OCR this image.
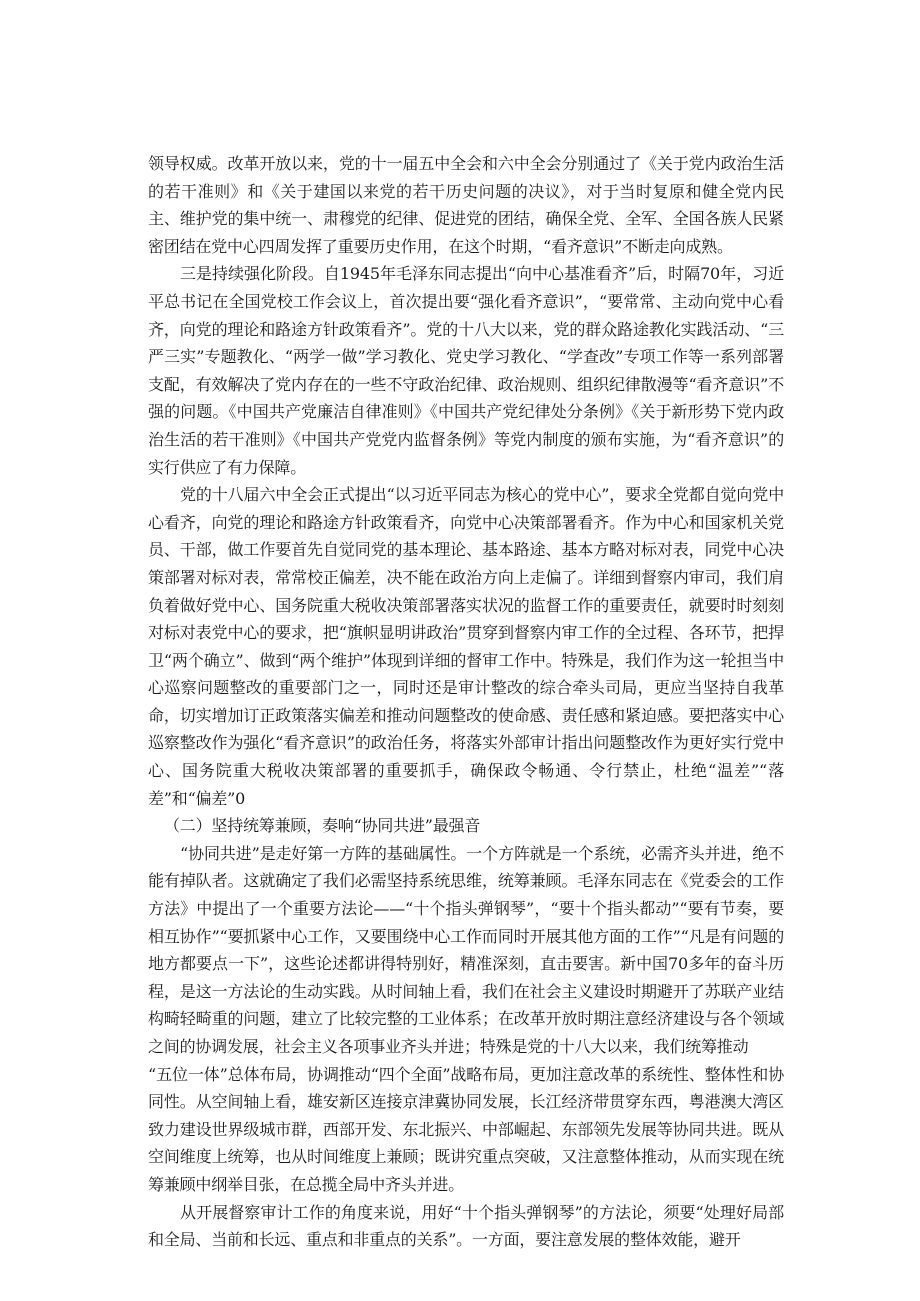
领导权威。改革开放以来，党的十一届五中全会和六中全会分别通过了《关于党内政治生活的若干准则》和《关于建国以来党的若干历史问题的决议》，对于当时复原和健全党内民主、维护党的集中统一、肃穆党的纪律、促进党的团结，确保全党、全军、全国各族人民紧密团结在党中心四周发挥了重要历史作用，在这个时期，“看齐意识”不断走向成熟。

三是持续强化阶段。自1945年毛泽东同志提出“向中心基准看齐”后，时隔70年，习近平总书记在全国党校工作会议上，首次提出要“强化看齐意识”，“要常常、主动向党中心看齐，向党的理论和路途方针政策看齐”。党的十八大以来，党的群众路途教化实践活动、“三严三实”专题教化、“两学一做”学习教化、党史学习教化、“学查改”专项工作等一系列部署支配，有效解决了党内存在的一些不守政治纪律、政治规则、组织纪律散漫等“看齐意识”不强的问题。《中国共产党廉洁自律准则》《中国共产党纪律处分条例》《关于新形势下党内政治生活的若干准则》《中国共产党党内监督条例》等党内制度的颁布实施，为“看齐意识”的实行供应了有力保障。

党的十八届六中全会正式提出“以习近平同志为核心的党中心”，要求全党都自觉向党中心看齐，向党的理论和路途方针政策看齐，向党中心决策部署看齐。作为中心和国家机关党员、干部，做工作要首先自觉同党的基本理论、基本路途、基本方略对标对表，同党中心决策部署对标对表，常常校正偏差，决不能在政治方向上走偏了。详细到督察内审司，我们肩负着做好党中心、国务院重大税收决策部署落实状况的监督工作的重要责任，就要时时刻刻对标对表党中心的要求，把“旗帜显明讲政治”贯穿到督察内审工作的全过程、各环节，把捍卫“两个确立”、做到“两个维护”体现到详细的督审工作中。特殊是，我们作为这一轮担当中心巡察问题整改的重要部门之一，同时还是审计整改的综合牵头司局，更应当坚持自我革命，切实增加订正政策落实偏差和推动问题整改的使命感、责任感和紧迫感。要把落实中心巡察整改作为强化“看齐意识”的政治任务，将落实外部审计指出问题整改作为更好实行党中心、国务院重大税收决策部署的重要抓手，确保政令畅通、令行禁止，杜绝“温差”“落差”和“偏差”0

（二）坚持统筹兼顾，奏响“协同共进”最强音

“协同共进”是走好第一方阵的基础属性。一个方阵就是一个系统，必需齐头并进，绝不能有掉队者。这就确定了我们必需坚持系统思维，统筹兼顾。毛泽东同志在《党委会的工作方法》中提出了一个重要方法论——“十个指头弹钢琴”，“要十个指头都动”“要有节奏，要相互协作”“要抓紧中心工作，又要围绕中心工作而同时开展其他方面的工作”“凡是有问题的地方都要点一下”，这些论述都讲得特别好，精准深刻，直击要害。新中国70多年的奋斗历程，是这一方法论的生动实践。从时间轴上看，我们在社会主义建设时期避开了苏联产业结构畸轻畸重的问题，建立了比较完整的工业体系；在改革开放时期注意经济建设与各个领域之间的协调发展，社会主义各项事业齐头并进；特殊是党的十八大以来，我们统筹推动

“五位一体”总体布局，协调推动“四个全面”战略布局，更加注意改革的系统性、整体性和协同性。从空间轴上看，雄安新区连接京津冀协同发展，长江经济带贯穿东西，粤港澳大湾区致力建设世界级城市群，西部开发、东北振兴、中部崛起、东部领先发展等协同共进。既从空间维度上统筹，也从时间维度上兼顾；既讲究重点突破，又注意整体推动，从而实现在统筹兼顾中纲举目张，在总揽全局中齐头并进。

从开展督察审计工作的角度来说，用好“十个指头弹钢琴”的方法论，须要“处理好局部和全局、当前和长远、重点和非重点的关系”。一方面，要注意发展的整体效能，避开
